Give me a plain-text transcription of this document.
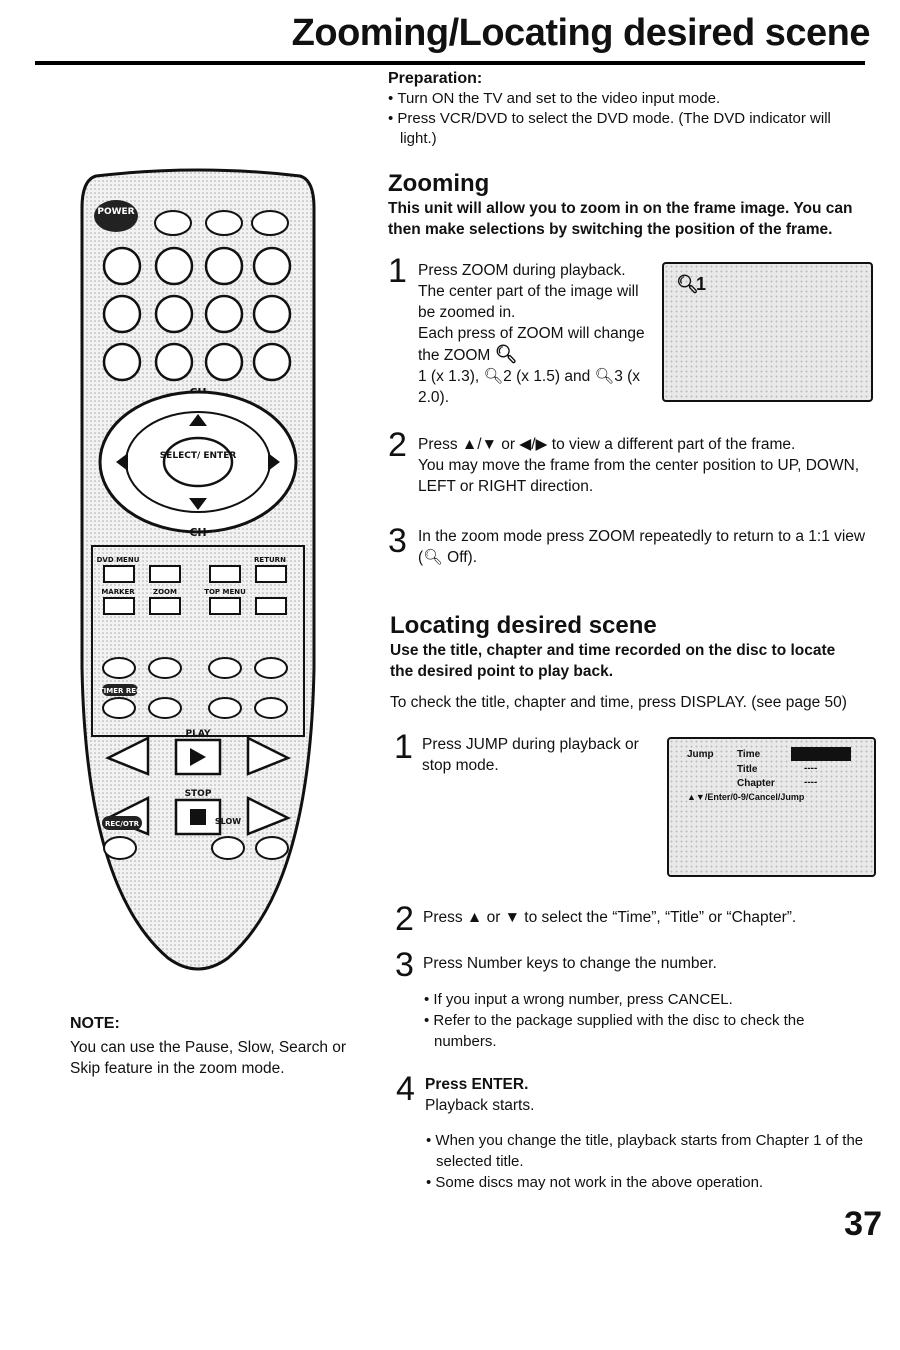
Zooming/Locating desired scene
Preparation:
• Turn ON the TV and set to the video input mode.
• Press VCR/DVD to select the DVD mode. (The DVD indicator will light.)
POWER
SELECT/ ENTER
CH
DVD MENU	RETURN
MARKER	ZOOM	TOP MENU
TIMER REC
PLAY
STOP
REC/OTR	SLOW
Zooming
This unit will allow you to zoom in on the frame image. You can then make selections by switching the position of the frame.
1 Press ZOOM during playback.
The center part of the image will be zoomed in.
Each press of ZOOM will change the ZOOM 🔍︎
1 (x 1.3), 🔍︎2 (x 1.5) and 🔍︎3 (x 2.0).
🔍︎
1
2 Press ▲/▼ or ◀/▶ to view a different part of the frame.
You may move the frame from the center position to UP, DOWN, LEFT or RIGHT direction.
3 In the zoom mode press ZOOM repeatedly to return to a 1:1 view (🔍︎ Off).
Locating desired scene
Use the title, chapter and time recorded on the disc to locate the desired point to play back.
To check the title, chapter and time, press DISPLAY. (see page 50)
1 Press JUMP during playback or stop mode.
Jump Time
Title	----
Chapter	----
▲▼/Enter/0-9/Cancel/Jump
2 Press ▲ or ▼ to select the “Time”, “Title” or “Chapter”.
3 Press Number keys to change the number.
• If you input a wrong number, press CANCEL.
• Refer to the package supplied with the disc to check the numbers.
4 Press ENTER.
Playback starts.
• When you change the title, playback starts from Chapter 1 of the selected title.
• Some discs may not work in the above operation.
NOTE:
You can use the Pause, Slow, Search or Skip feature in the zoom mode.
37
